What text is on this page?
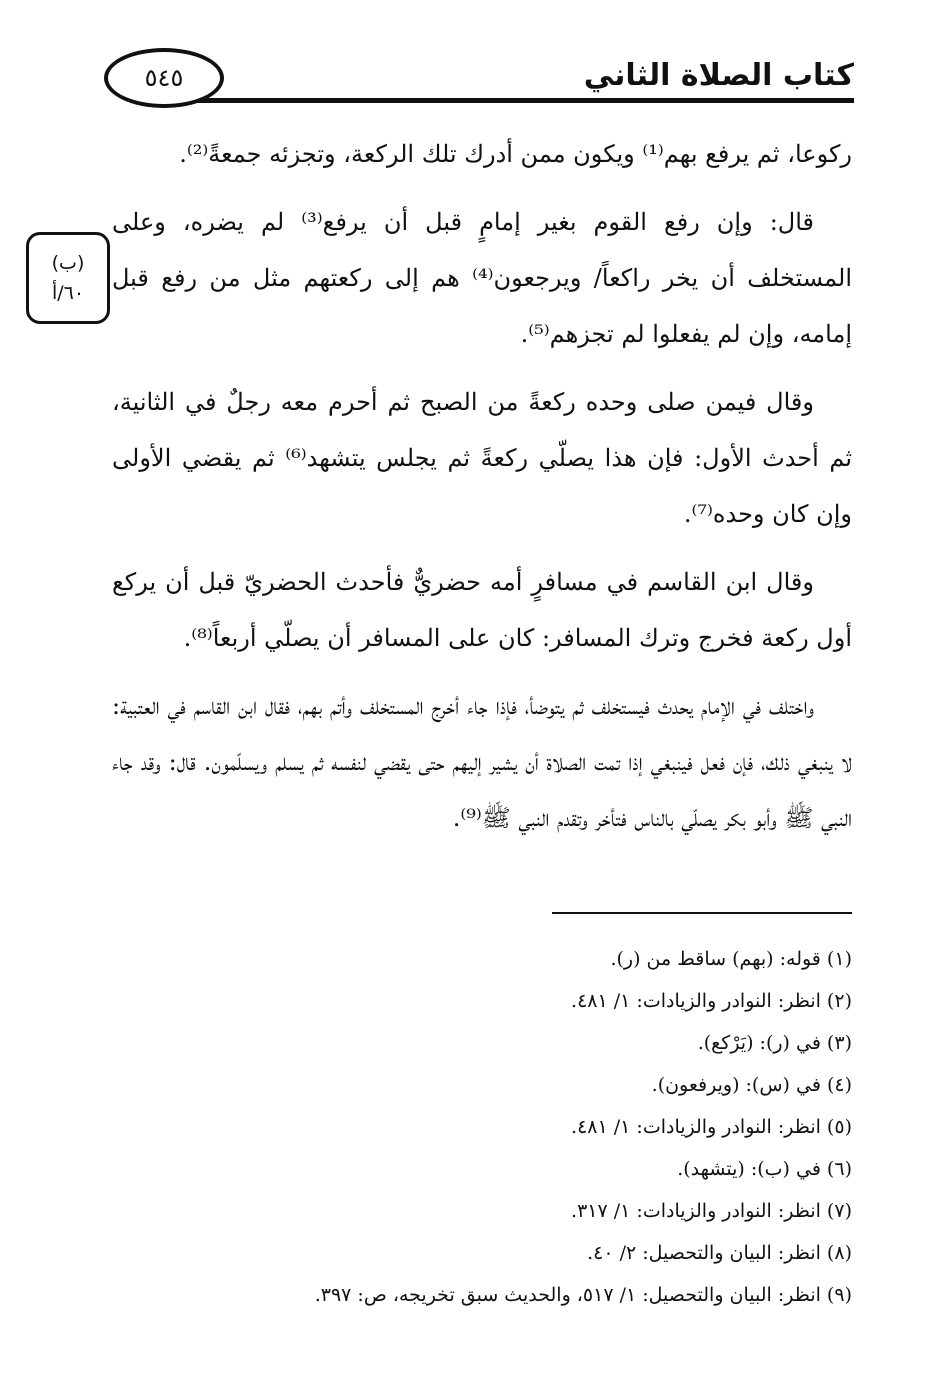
كتاب الصلاة الثاني
٥٤٥
(ب)
٦٠/أ

ركوعا، ثم يرفع بهم⁽¹⁾ ويكون ممن أدرك تلك الركعة، وتجزئه جمعةً⁽²⁾.

قال: وإن رفع القوم بغير إمامٍ قبل أن يرفع⁽³⁾ لم يضره، وعلى المستخلف أن يخر راكعاً/ ويرجعون⁽⁴⁾ هم إلى ركعتهم مثل من رفع قبل إمامه، وإن لم يفعلوا لم تجزهم⁽⁵⁾.

وقال فيمن صلى وحده ركعةً من الصبح ثم أحرم معه رجلٌ في الثانية، ثم أحدث الأول: فإن هذا يصلّي ركعةً ثم يجلس يتشهد⁽⁶⁾ ثم يقضي الأولى وإن كان وحده⁽⁷⁾.

وقال ابن القاسم في مسافرٍ أمه حضريٌّ فأحدث الحضريّ قبل أن يركع أول ركعة فخرج وترك المسافر: كان على المسافر أن يصلّي أربعاً⁽⁸⁾.

واختلف في الإمام يحدث فيستخلف ثم يتوضأ، فإذا جاء أخرج المستخلف وأتم بهم، فقال ابن القاسم في العتبية: لا ينبغي ذلك، فإن فعل فينبغي إذا تمت الصلاة أن يشير إليهم حتى يقضي لنفسه ثم يسلم ويسلّمون. قال: وقد جاء النبي ﷺ وأبو بكر يصلّي بالناس فتأخر وتقدم النبي ﷺ⁽⁹⁾.

(١) قوله: (بهم) ساقط من (ر).

(٢) انظر: النوادر والزيادات: ١/ ٤٨١.

(٣) في (ر): (يَرْكع).

(٤) في (س): (ويرفعون).

(٥) انظر: النوادر والزيادات: ١/ ٤٨١.

(٦) في (ب): (يتشهد).

(٧) انظر: النوادر والزيادات: ١/ ٣١٧.

(٨) انظر: البيان والتحصيل: ٢/ ٤٠.

(٩) انظر: البيان والتحصيل: ١/ ٥١٧، والحديث سبق تخريجه، ص: ٣٩٧.
